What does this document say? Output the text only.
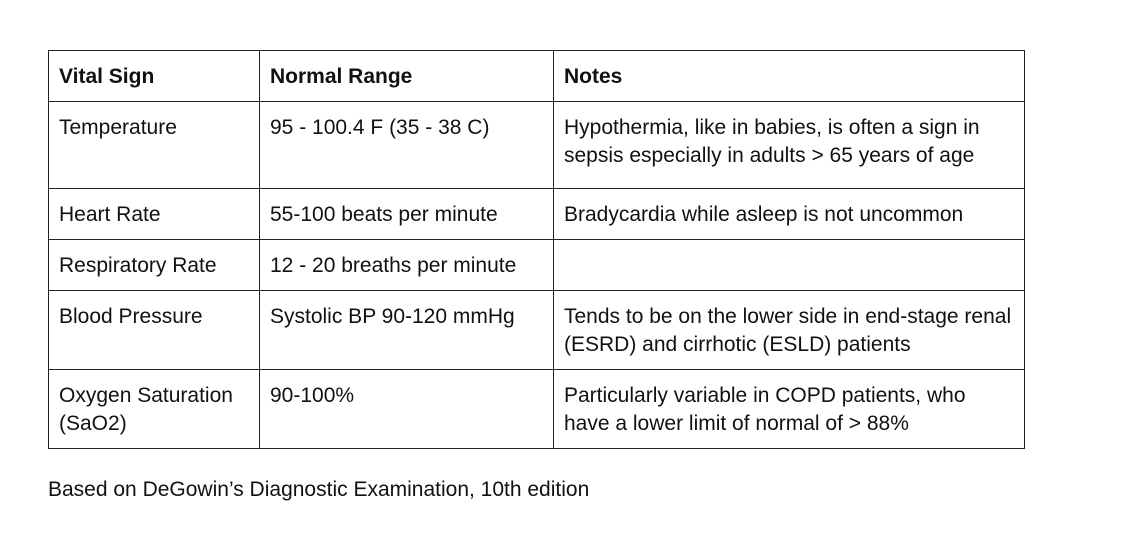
Vital Sign	Normal Range	Notes
Temperature	95 - 100.4 F (35 - 38 C)	Hypothermia, like in babies, is often a sign in sepsis especially in adults > 65 years of age
Heart Rate	55-100 beats per minute	Bradycardia while asleep is not uncommon
Respiratory Rate	12 - 20 breaths per minute	
Blood Pressure	Systolic BP 90-120 mmHg	Tends to be on the lower side in end-stage renal (ESRD) and cirrhotic (ESLD) patients
Oxygen Saturation (SaO2)	90-100%	Particularly variable in COPD patients, who have a lower limit of normal of > 88%

Based on DeGowin’s Diagnostic Examination, 10th edition
